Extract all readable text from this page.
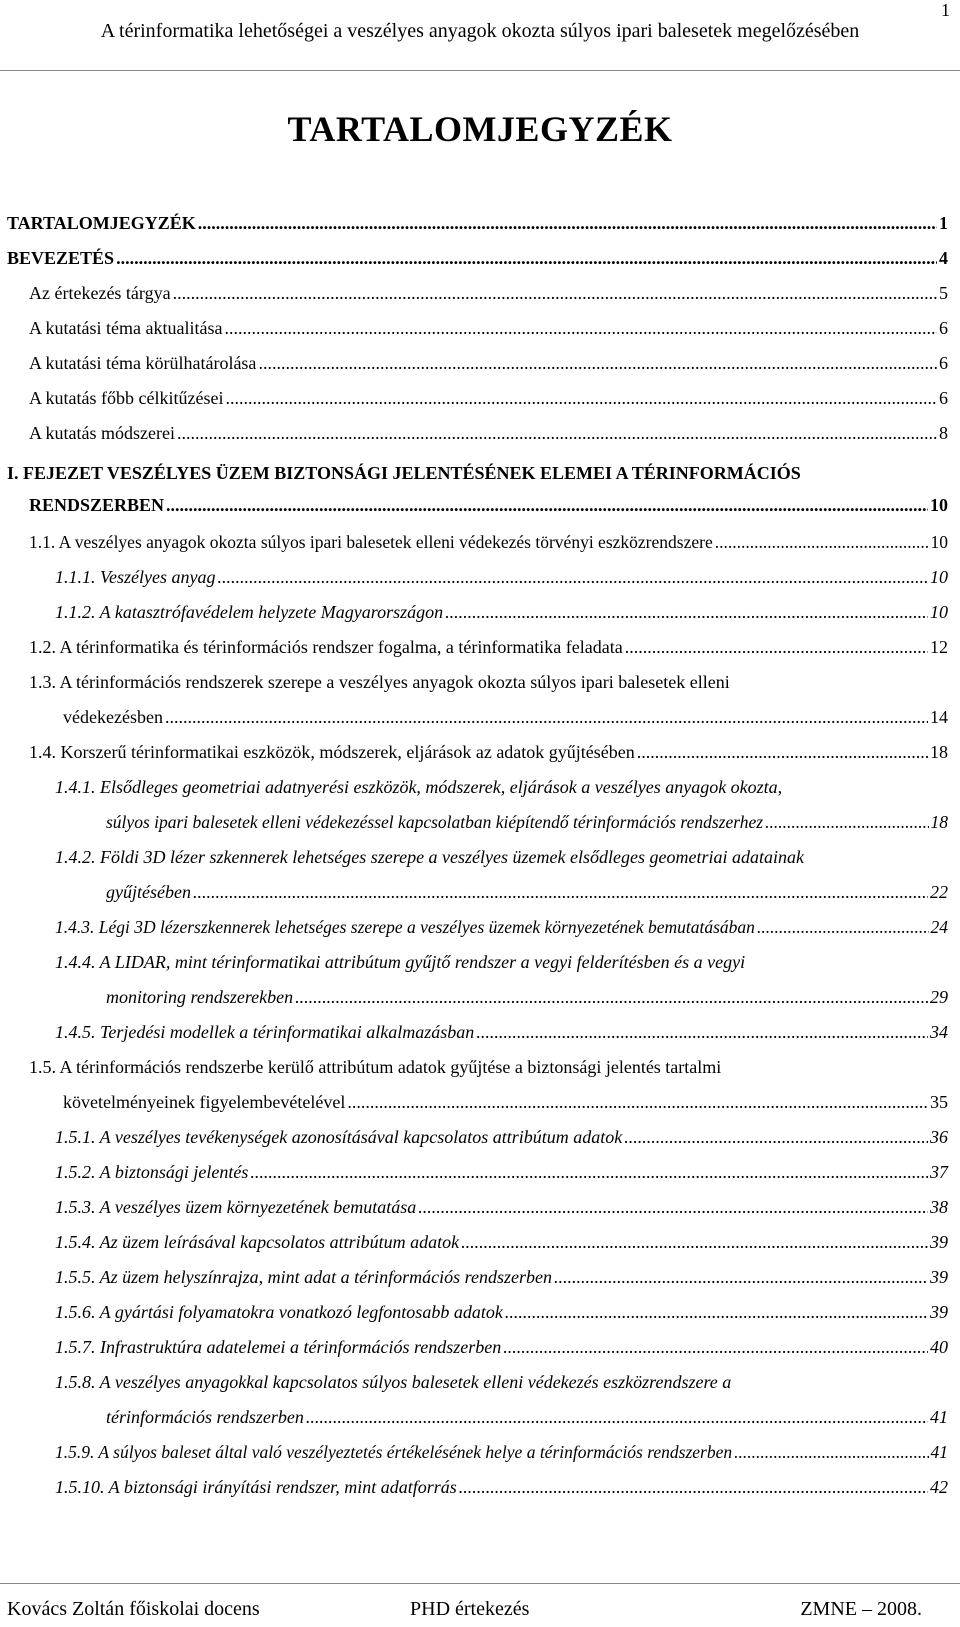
1
A térinformatika lehetőségei a veszélyes anyagok okozta súlyos ipari balesetek megelőzésében
TARTALOMJEGYZÉK
TARTALOMJEGYZÉK .....	1
BEVEZETÉS .....	4
Az értekezés tárgya .....	5
A kutatási téma aktualitása .....	6
A kutatási téma körülhatárolása .....	6
A kutatás főbb célkitűzései .....	6
A kutatás módszerei .....	8
I. FEJEZET VESZÉLYES ÜZEM BIZTONSÁGI JELENTÉSÉNEK ELEMEI A TÉRINFORMÁCIÓS
RENDSZERBEN .....	10
1.1. A veszélyes anyagok okozta súlyos ipari balesetek elleni védekezés törvényi eszközrendszere .....	10
1.1.1. Veszélyes anyag .....	10
1.1.2. A katasztrófavédelem helyzete Magyarországon .....	10
1.2. A térinformatika és térinformációs rendszer fogalma, a térinformatika feladata .....	12
1.3. A térinformációs rendszerek szerepe a veszélyes anyagok okozta súlyos ipari balesetek elleni
védekezésben .....	14
1.4. Korszerű térinformatikai eszközök, módszerek, eljárások az adatok gyűjtésében .....	18
1.4.1. Elsődleges geometriai adatnyerési eszközök, módszerek, eljárások a veszélyes anyagok okozta,
súlyos ipari balesetek elleni védekezéssel kapcsolatban kiépítendő térinformációs rendszerhez .....	18
1.4.2. Földi 3D lézer szkennerek lehetséges szerepe a veszélyes üzemek elsődleges geometriai adatainak
gyűjtésében .....	22
1.4.3. Légi 3D lézerszkennerek lehetséges szerepe a veszélyes üzemek környezetének bemutatásában .....	24
1.4.4. A LIDAR, mint térinformatikai attribútum gyűjtő rendszer a vegyi felderítésben és a vegyi
monitoring rendszerekben .....	29
1.4.5. Terjedési modellek a térinformatikai alkalmazásban .....	34
1.5. A térinformációs rendszerbe kerülő attribútum adatok gyűjtése a biztonsági jelentés tartalmi
követelményeinek figyelembevételével .....	35
1.5.1. A veszélyes tevékenységek azonosításával kapcsolatos attribútum adatok .....	36
1.5.2. A biztonsági jelentés .....	37
1.5.3. A veszélyes üzem környezetének bemutatása .....	38
1.5.4. Az üzem leírásával kapcsolatos attribútum adatok .....	39
1.5.5. Az üzem helyszínrajza, mint adat a térinformációs rendszerben .....	39
1.5.6. A gyártási folyamatokra vonatkozó legfontosabb adatok .....	39
1.5.7. Infrastruktúra adatelemei a térinformációs rendszerben .....	40
1.5.8. A veszélyes anyagokkal kapcsolatos súlyos balesetek elleni védekezés eszközrendszere a
térinformációs rendszerben .....	41
1.5.9. A súlyos baleset által való veszélyeztetés értékelésének helye a térinformációs rendszerben .....	41
1.5.10. A biztonsági irányítási rendszer, mint adatforrás .....	42
Kovács Zoltán főiskolai docens	PHD értekezés	ZMNE – 2008.
